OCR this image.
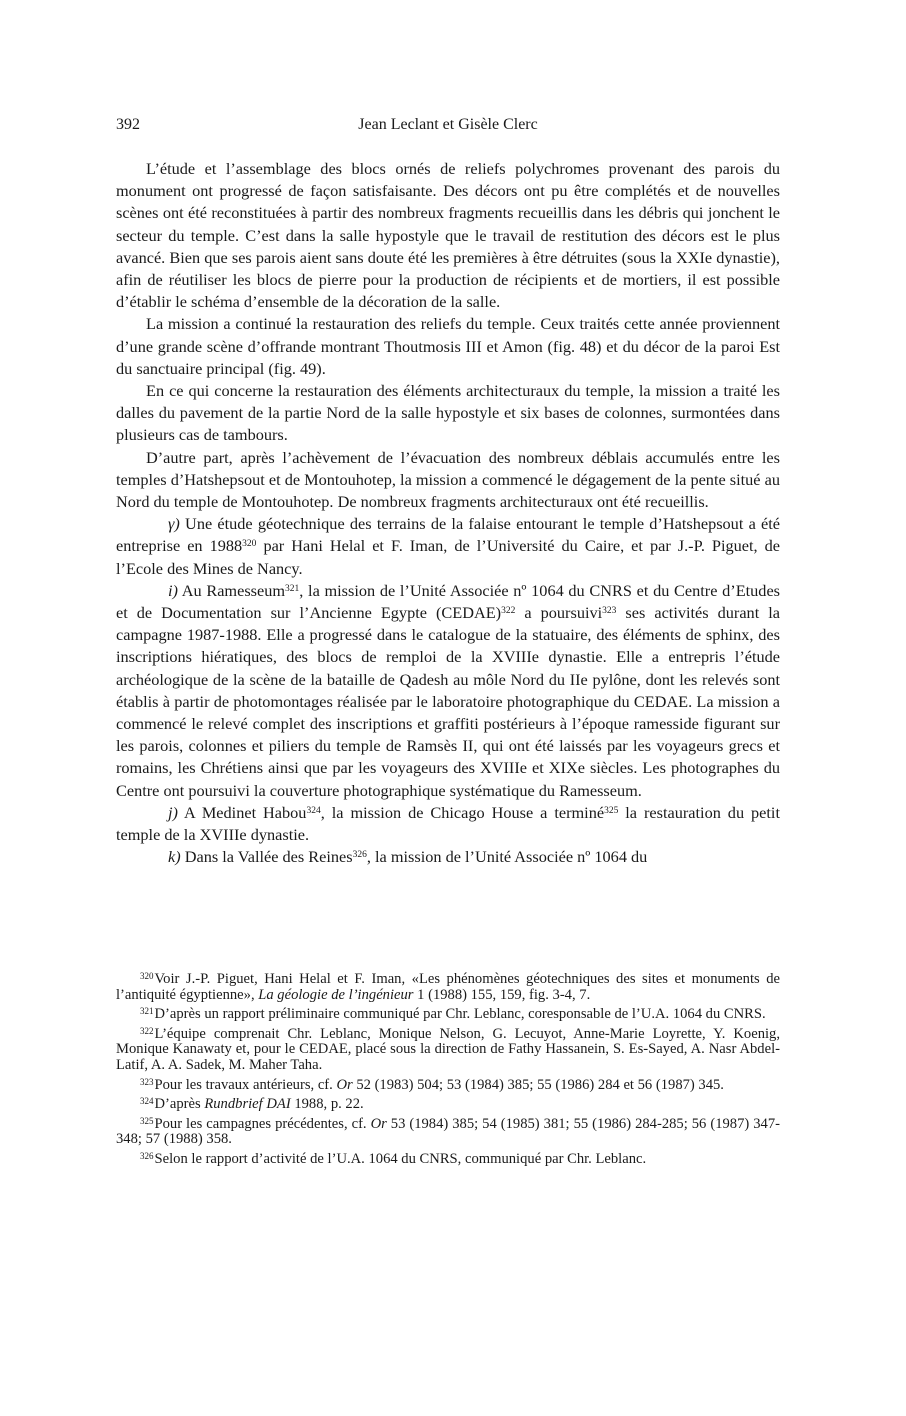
392	Jean Leclant et Gisèle Clerc

L’étude et l’assemblage des blocs ornés de reliefs polychromes provenant des parois du monument ont progressé de façon satisfaisante. Des décors ont pu être complétés et de nouvelles scènes ont été reconstituées à partir des nombreux fragments recueillis dans les débris qui jonchent le secteur du temple. C’est dans la salle hypostyle que le travail de restitution des décors est le plus avancé. Bien que ses parois aient sans doute été les premières à être détruites (sous la XXIe dynastie), afin de réutiliser les blocs de pierre pour la production de récipients et de mortiers, il est possible d’établir le schéma d’ensemble de la décoration de la salle.

La mission a continué la restauration des reliefs du temple. Ceux traités cette année proviennent d’une grande scène d’offrande montrant Thoutmosis III et Amon (fig. 48) et du décor de la paroi Est du sanctuaire principal (fig. 49).

En ce qui concerne la restauration des éléments architecturaux du temple, la mission a traité les dalles du pavement de la partie Nord de la salle hypostyle et six bases de colonnes, surmontées dans plusieurs cas de tambours.

D’autre part, après l’achèvement de l’évacuation des nombreux déblais accumulés entre les temples d’Hatshepsout et de Montouhotep, la mission a commencé le dégagement de la pente situé au Nord du temple de Montouhotep. De nombreux fragments architecturaux ont été recueillis.

γ) Une étude géotechnique des terrains de la falaise entourant le temple d’Hatshepsout a été entreprise en 1988$^{320}$ par Hani Helal et F. Iman, de l’Université du Caire, et par J.-P. Piguet, de l’Ecole des Mines de Nancy.

i) Au Ramesseum$^{321}$, la mission de l’Unité Associée nº 1064 du CNRS et du Centre d’Etudes et de Documentation sur l’Ancienne Egypte (CEDAE)$^{322}$ a poursuivi$^{323}$ ses activités durant la campagne 1987-1988. Elle a progressé dans le catalogue de la statuaire, des éléments de sphinx, des inscriptions hiératiques, des blocs de remploi de la XVIIIe dynastie. Elle a entrepris l’étude archéologique de la scène de la bataille de Qadesh au môle Nord du IIe pylône, dont les relevés sont établis à partir de photomontages réalisée par le laboratoire photographique du CEDAE. La mission a commencé le relevé complet des inscriptions et graffiti postérieurs à l’époque ramesside figurant sur les parois, colonnes et piliers du temple de Ramsès II, qui ont été laissés par les voyageurs grecs et romains, les Chrétiens ainsi que par les voyageurs des XVIIIe et XIXe siècles. Les photographes du Centre ont poursuivi la couverture photographique systématique du Ramesseum.

j) A Medinet Habou$^{324}$, la mission de Chicago House a terminé$^{325}$ la restauration du petit temple de la XVIIIe dynastie.

k) Dans la Vallée des Reines$^{326}$, la mission de l’Unité Associée nº 1064 du

$^{320}$Voir J.-P. Piguet, Hani Helal et F. Iman, «Les phénomènes géotechniques des sites et monuments de l’antiquité égyptienne», La géologie de l’ingénieur 1 (1988) 155, 159, fig. 3-4, 7.

$^{321}$D’après un rapport préliminaire communiqué par Chr. Leblanc, coresponsable de l’U.A. 1064 du CNRS.

$^{322}$L’équipe comprenait Chr. Leblanc, Monique Nelson, G. Lecuyot, Anne-Marie Loyrette, Y. Koenig, Monique Kanawaty et, pour le CEDAE, placé sous la direction de Fathy Hassanein, S. Es-Sayed, A. Nasr Abdel-Latif, A. A. Sadek, M. Maher Taha.

$^{323}$Pour les travaux antérieurs, cf. Or 52 (1983) 504; 53 (1984) 385; 55 (1986) 284 et 56 (1987) 345.

$^{324}$D’après Rundbrief DAI 1988, p. 22.

$^{325}$Pour les campagnes précédentes, cf. Or 53 (1984) 385; 54 (1985) 381; 55 (1986) 284-285; 56 (1987) 347-348; 57 (1988) 358.

$^{326}$Selon le rapport d’activité de l’U.A. 1064 du CNRS, communiqué par Chr. Leblanc.
